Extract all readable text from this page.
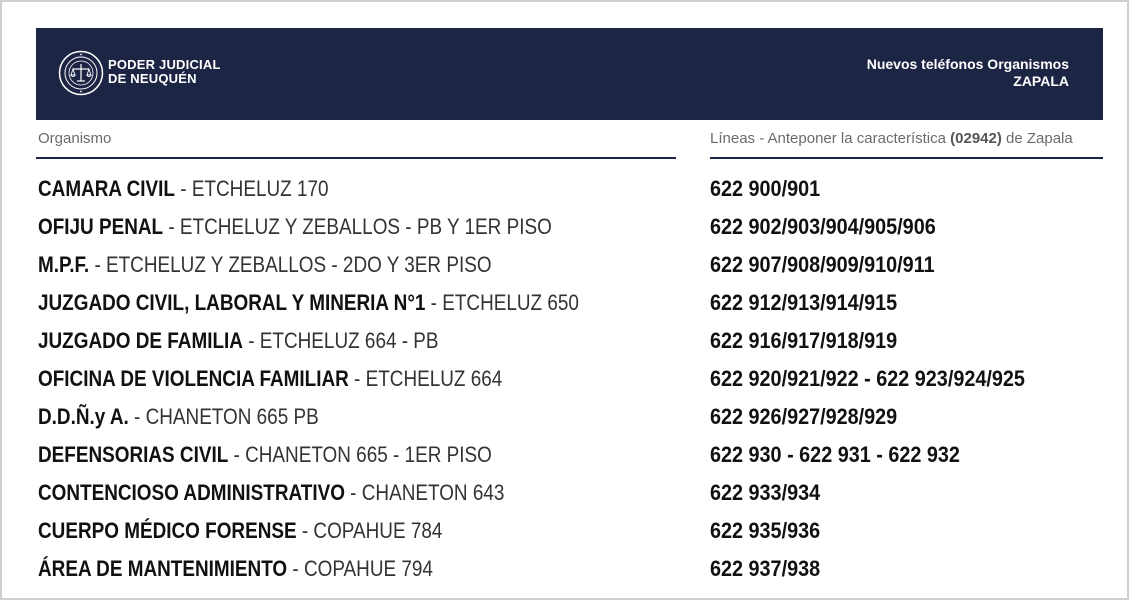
PODER JUDICIAL
DE NEUQUÉN
Nuevos teléfonos Organismos
ZAPALA
Organismo	Líneas - Anteponer la característica (02942) de Zapala
CAMARA CIVIL - ETCHELUZ 170	622 900/901
OFIJU PENAL - ETCHELUZ Y ZEBALLOS - PB Y 1ER PISO	622 902/903/904/905/906
M.P.F. - ETCHELUZ Y ZEBALLOS - 2DO Y 3ER PISO	622 907/908/909/910/911
JUZGADO CIVIL, LABORAL Y MINERIA N°1 - ETCHELUZ 650	622 912/913/914/915
JUZGADO DE FAMILIA - ETCHELUZ 664 - PB	622 916/917/918/919
OFICINA DE VIOLENCIA FAMILIAR - ETCHELUZ 664	622 920/921/922 - 622 923/924/925
D.D.Ñ.y A. - CHANETON 665 PB	622 926/927/928/929
DEFENSORIAS CIVIL - CHANETON 665 - 1ER PISO	622 930 - 622 931 - 622 932
CONTENCIOSO ADMINISTRATIVO - CHANETON 643	622 933/934
CUERPO MÉDICO FORENSE - COPAHUE 784	622 935/936
ÁREA DE MANTENIMIENTO - COPAHUE 794	622 937/938
